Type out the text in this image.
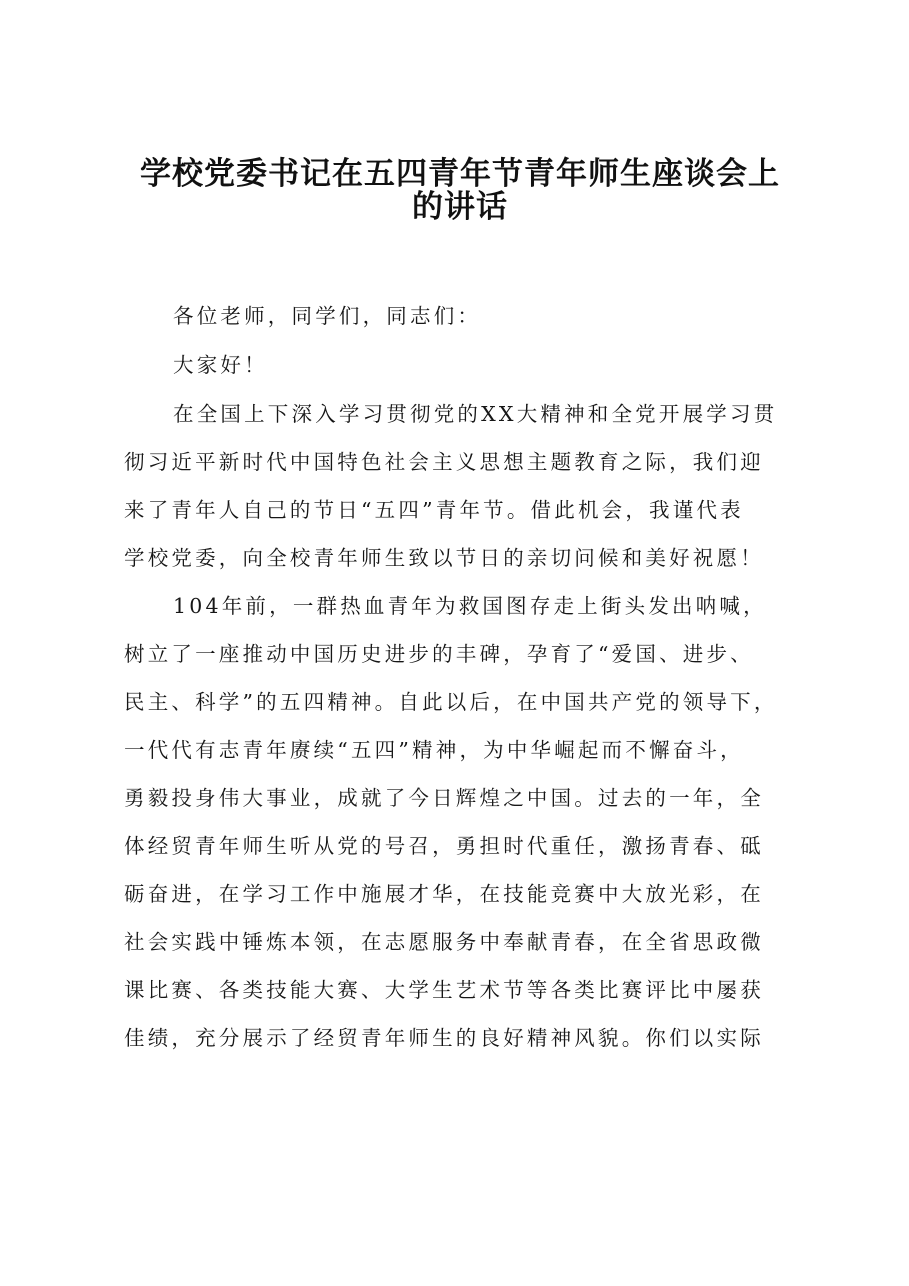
学校党委书记在五四青年节青年师生座谈会上
的讲话
各位老师，同学们，同志们：
大家好！
在全国上下深入学习贯彻党的XX大精神和全党开展学习贯
彻习近平新时代中国特色社会主义思想主题教育之际，我们迎
来了青年人自己的节日“五四”青年节。借此机会，我谨代表
学校党委，向全校青年师生致以节日的亲切问候和美好祝愿！
104年前，一群热血青年为救国图存走上街头发出呐喊，
树立了一座推动中国历史进步的丰碑，孕育了“爱国、进步、
民主、科学”的五四精神。自此以后，在中国共产党的领导下，
一代代有志青年赓续“五四”精神，为中华崛起而不懈奋斗，
勇毅投身伟大事业，成就了今日辉煌之中国。过去的一年，全
体经贸青年师生听从党的号召，勇担时代重任，激扬青春、砥
砺奋进，在学习工作中施展才华，在技能竞赛中大放光彩，在
社会实践中锤炼本领，在志愿服务中奉献青春，在全省思政微
课比赛、各类技能大赛、大学生艺术节等各类比赛评比中屡获
佳绩，充分展示了经贸青年师生的良好精神风貌。你们以实际
